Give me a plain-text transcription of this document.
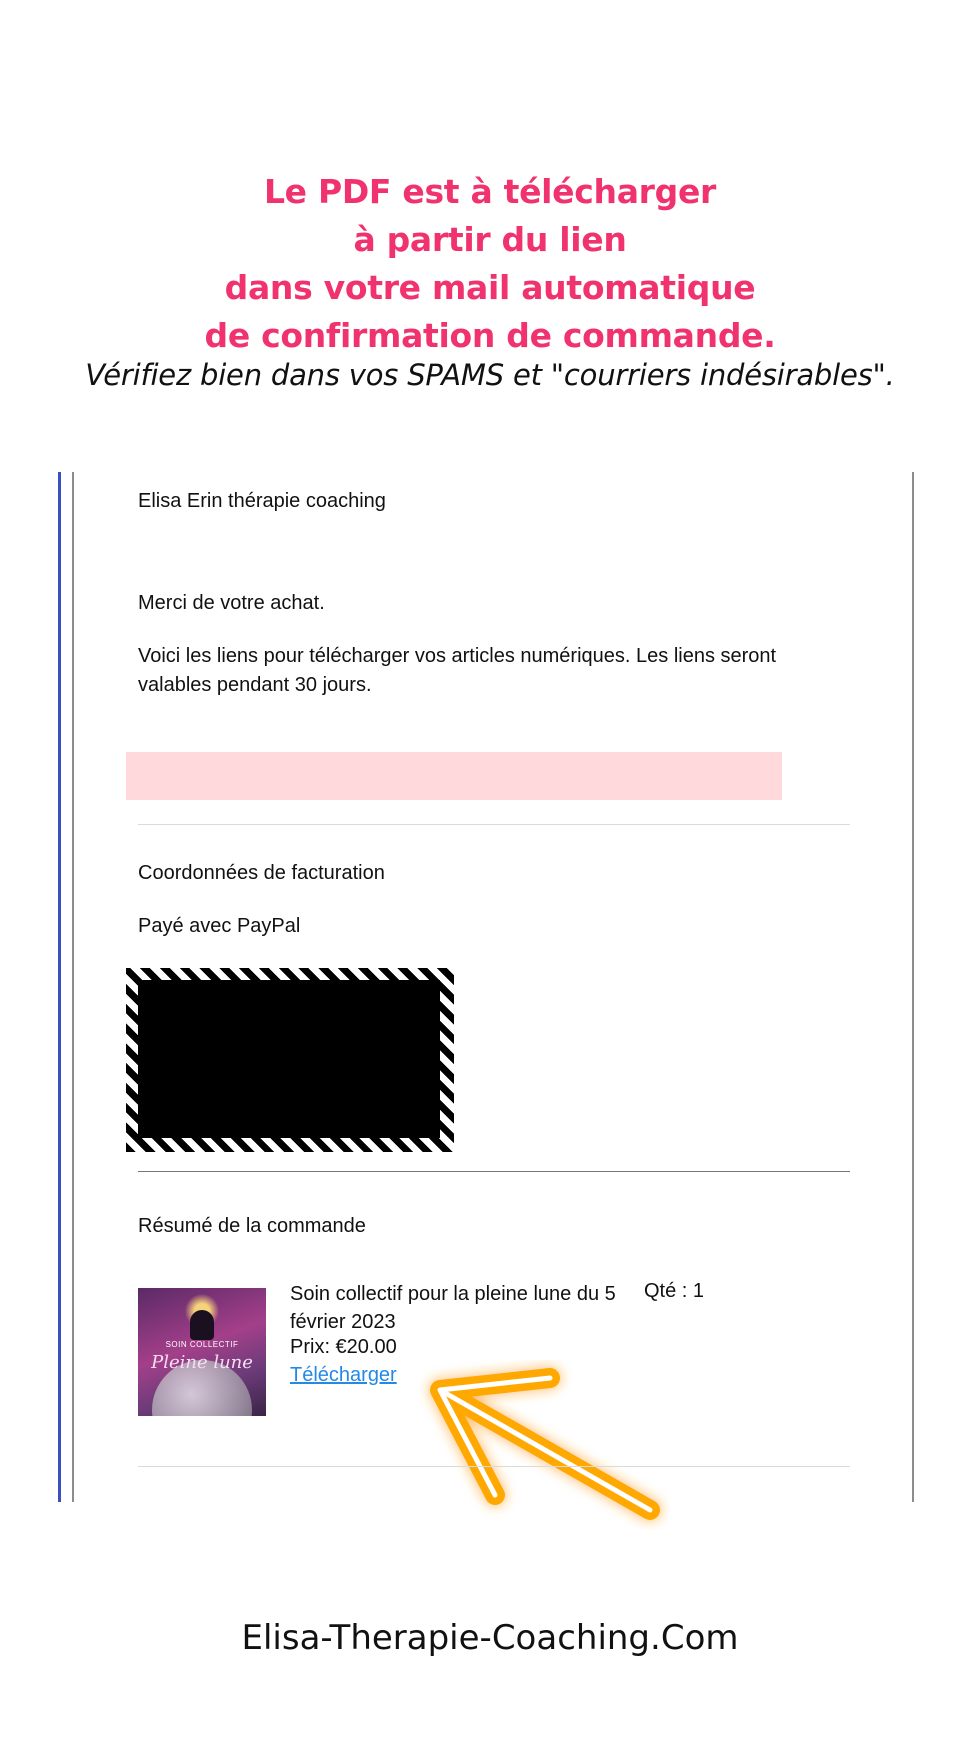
Le PDF est à télécharger
à partir du lien
dans votre mail automatique
de confirmation de commande.
Vérifiez bien dans vos SPAMS et "courriers indésirables".
Elisa Erin thérapie coaching
Merci de votre achat.
Voici les liens pour télécharger vos articles numériques. Les liens seront valables pendant 30 jours.
Coordonnées de facturation
Payé avec PayPal
Résumé de la commande
SOIN COLLECTIF
Pleine lune
Soin collectif pour la pleine lune du 5 février 2023
Qté : 1
Prix: €20.00
Télécharger
Elisa-Therapie-Coaching.Com
